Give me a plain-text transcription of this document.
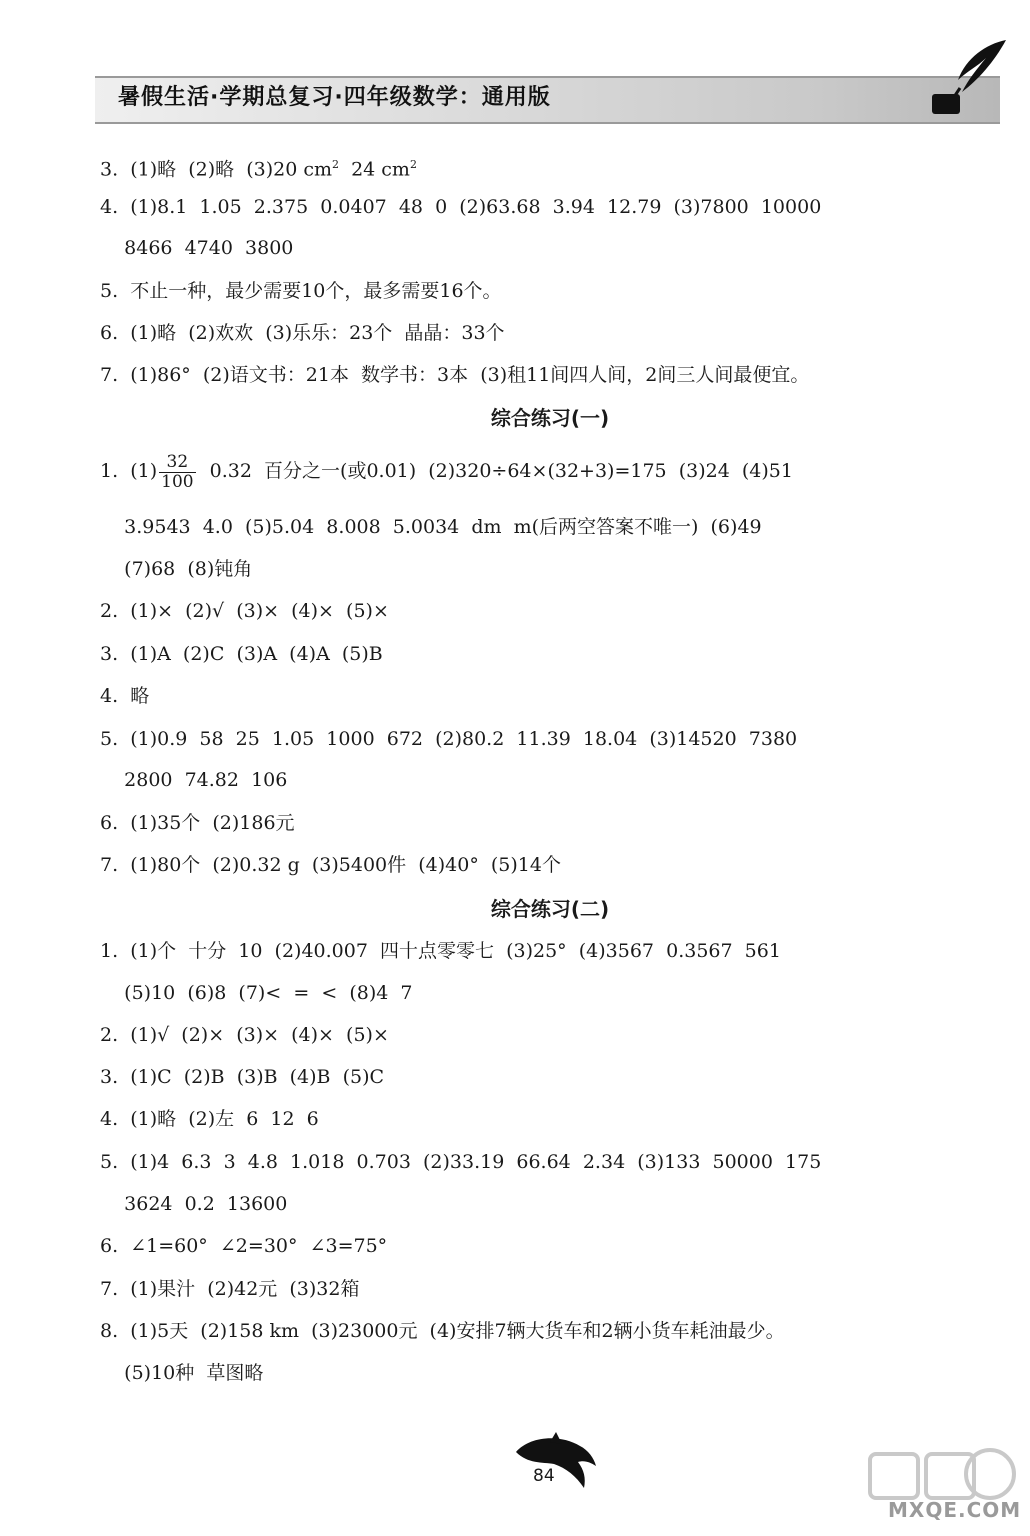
暑假生活·学期总复习·四年级数学：通用版
3.  (1)略  (2)略  (3)20 $cm^2$  24 $cm^2$
4.  (1)8.1  1.05  2.375  0.0407  48  0  (2)63.68  3.94  12.79  (3)7800  10000
8466  4740  3800
5.  不止一种，最少需要10个，最多需要16个。
6.  (1)略  (2)欢欢  (3)乐乐：23个  晶晶：33个
7.  (1)86°  (2)语文书：21本  数学书：3本  (3)租11间四人间，2间三人间最便宜。
综合练习(一)
1.  $(1) \frac{32}{100} 0.32$  百分之一(或0.01)  (2)320÷64×(32+3)=175  (3)24  (4)51
3.9543  4.0  (5)5.04  8.008  5.0034  dm  m(后两空答案不唯一)  (6)49
(7)68  (8)钝角
2.  (1)×  (2)√  (3)×  (4)×  (5)×
3.  (1)A  (2)C  (3)A  (4)A  (5)B
4.  略
5.  (1)0.9  58  25  1.05  1000  672  (2)80.2  11.39  18.04  (3)14520  7380
2800  74.82  106
6.  (1)35个  (2)186元
7.  (1)80个  (2)0.32 g  (3)5400件  (4)40°  (5)14个
综合练习(二)
1.  (1)个  十分  10  (2)40.007  四十点零零七  (3)25°  (4)3567  0.3567  561
(5)10  (6)8  (7)<  =  <  (8)4  7
2.  (1)√  (2)×  (3)×  (4)×  (5)×
3.  (1)C  (2)B  (3)B  (4)B  (5)C
4.  (1)略  (2)左  6  12  6
5.  (1)4  6.3  3  4.8  1.018  0.703  (2)33.19  66.64  2.34  (3)133  50000  175
3624  0.2  13600
6.  ∠1=60°  ∠2=30°  ∠3=75°
7.  (1)果汁  (2)42元  (3)32箱
8.  (1)5天  (2)158 km  (3)23000元  (4)安排7辆大货车和2辆小货车耗油最少。
(5)10种  草图略
84
MXQE.COM
